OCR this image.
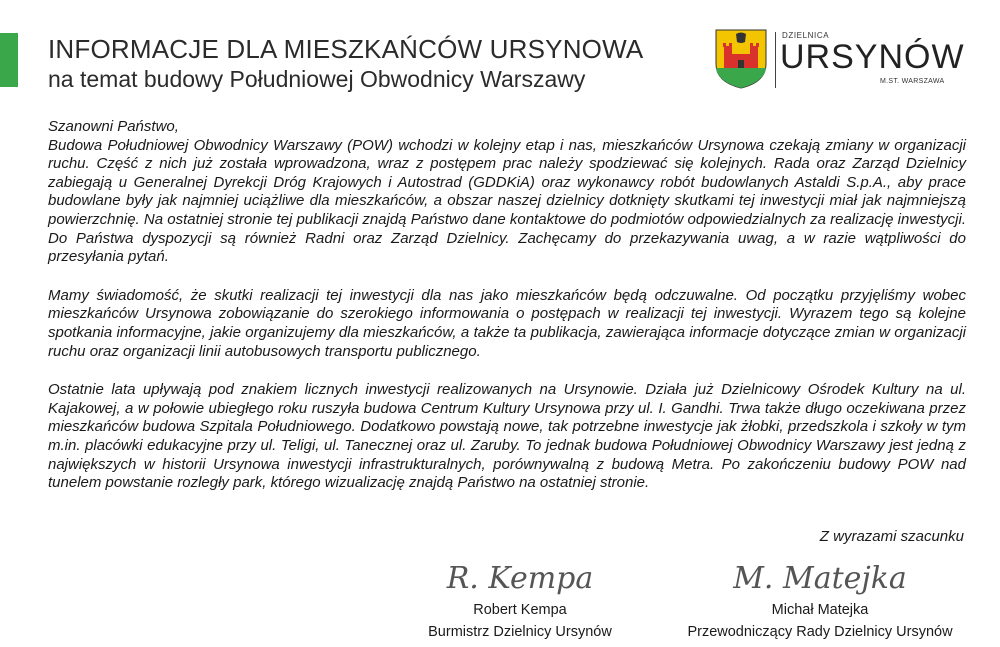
INFORMACJE DLA MIESZKAŃCÓW URSYNOWA
na temat budowy Południowej Obwodnicy Warszawy
DZIELNICA
URSYNÓW
M.ST. WARSZAWA

Szanowni Państwo,

Budowa Południowej Obwodnicy Warszawy (POW) wchodzi w kolejny etap i nas, mieszkańców Ursynowa czekają zmiany w organizacji ruchu. Część z nich już została wprowadzona, wraz z postępem prac należy spodziewać się kolejnych. Rada oraz Zarząd Dzielnicy zabiegają u Generalnej Dyrekcji Dróg Krajowych i Autostrad (GDDKiA) oraz wykonawcy robót budowlanych Astaldi S.p.A., aby prace budowlane były jak najmniej uciążliwe dla mieszkańców, a obszar naszej dzielnicy dotknięty skutkami tej inwestycji miał jak najmniejszą powierzchnię. Na ostatniej stronie tej publikacji znajdą Państwo dane kontaktowe do podmiotów odpowiedzialnych za realizację inwestycji. Do Państwa dyspozycji są również Radni oraz Zarząd Dzielnicy. Zachęcamy do przekazywania uwag, a w razie wątpliwości do przesyłania pytań.

Mamy świadomość, że skutki realizacji tej inwestycji dla nas jako mieszkańców będą odczuwalne. Od początku przyjęliśmy wobec mieszkańców Ursynowa zobowiązanie do szerokiego informowania o postępach w realizacji tej inwestycji. Wyrazem tego są kolejne spotkania informacyjne, jakie organizujemy dla mieszkańców, a także ta publikacja, zawierająca informacje dotyczące zmian w organizacji ruchu oraz organizacji linii autobusowych transportu publicznego.

Ostatnie lata upływają pod znakiem licznych inwestycji realizowanych na Ursynowie. Działa już Dzielnicowy Ośrodek Kultury na ul. Kajakowej, a w połowie ubiegłego roku ruszyła budowa Centrum Kultury Ursynowa przy ul. I. Gandhi. Trwa także długo oczekiwana przez mieszkańców budowa Szpitala Południowego. Dodatkowo powstają nowe, tak potrzebne inwestycje jak żłobki, przedszkola i szkoły w tym m.in. placówki edukacyjne przy ul. Teligi, ul. Tanecznej oraz ul. Zaruby. To jednak budowa Południowej Obwodnicy Warszawy jest jedną z największych w historii Ursynowa inwestycji infrastrukturalnych, porównywalną z budową Metra. Po zakończeniu budowy POW nad tunelem powstanie rozległy park, którego wizualizację znajdą Państwo na ostatniej stronie.

Z wyrazami szacunku
R. Kempa
Robert Kempa
Burmistrz Dzielnicy Ursynów
M. Matejka
Michał Matejka
Przewodniczący Rady Dzielnicy Ursynów
